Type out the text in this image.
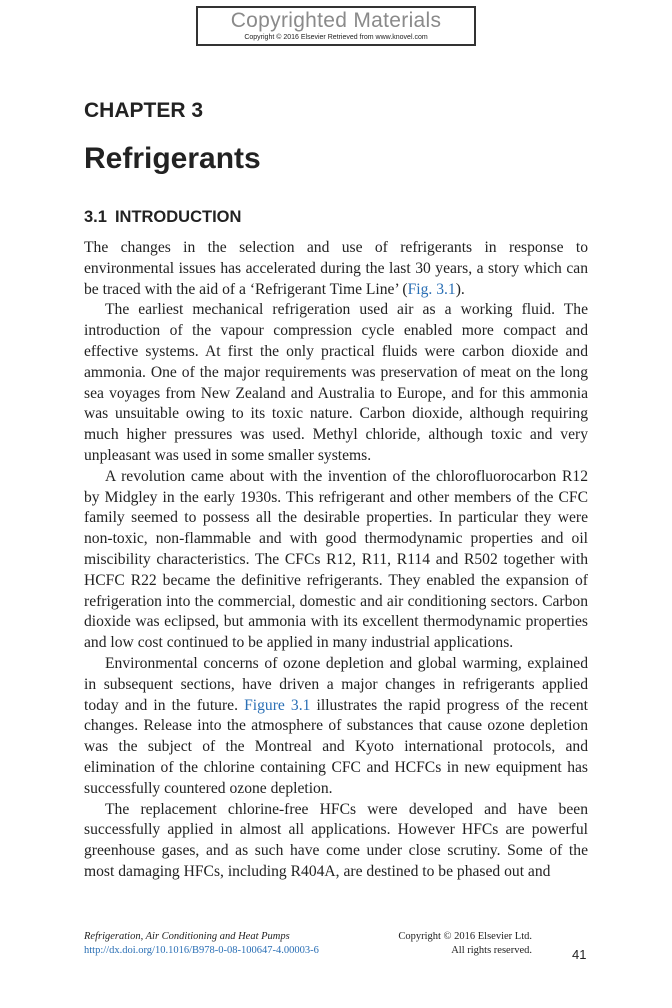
Copyrighted Materials
Copyright © 2016 Elsevier Retrieved from www.knovel.com
CHAPTER 3
Refrigerants
3.1 INTRODUCTION

The changes in the selection and use of refrigerants in response to environmental issues has accelerated during the last 30 years, a story which can be traced with the aid of a ‘Refrigerant Time Line’ (Fig. 3.1).

The earliest mechanical refrigeration used air as a working fluid. The introduction of the vapour compression cycle enabled more compact and effective systems. At first the only practical fluids were carbon dioxide and ammonia. One of the major requirements was preservation of meat on the long sea voyages from New Zealand and Australia to Europe, and for this ammonia was unsuitable owing to its toxic nature. Carbon dioxide, although requiring much higher pressures was used. Methyl chloride, although toxic and very unpleasant was used in some smaller systems.

A revolution came about with the invention of the chlorofluorocarbon R12 by Midgley in the early 1930s. This refrigerant and other members of the CFC family seemed to possess all the desirable properties. In particular they were non-toxic, non-flammable and with good thermodynamic properties and oil miscibility characteristics. The CFCs R12, R11, R114 and R502 together with HCFC R22 became the definitive refrigerants. They enabled the expansion of refrigeration into the commercial, domestic and air conditioning sectors. Carbon dioxide was eclipsed, but ammonia with its excellent thermodynamic properties and low cost continued to be applied in many industrial applications.

Environmental concerns of ozone depletion and global warming, explained in subsequent sections, have driven a major changes in refrigerants applied today and in the future. Figure 3.1 illustrates the rapid progress of the recent changes. Release into the atmosphere of substances that cause ozone depletion was the subject of the Montreal and Kyoto international protocols, and elimination of the chlorine containing CFC and HCFCs in new equipment has successfully countered ozone depletion.

The replacement chlorine-free HFCs were developed and have been successfully applied in almost all applications. However HFCs are powerful greenhouse gases, and as such have come under close scrutiny. Some of the most damaging HFCs, including R404A, are destined to be phased out and

Refrigeration, Air Conditioning and Heat Pumps
http://dx.doi.org/10.1016/B978-0-08-100647-4.00003-6
Copyright © 2016 Elsevier Ltd.
All rights reserved.	41
